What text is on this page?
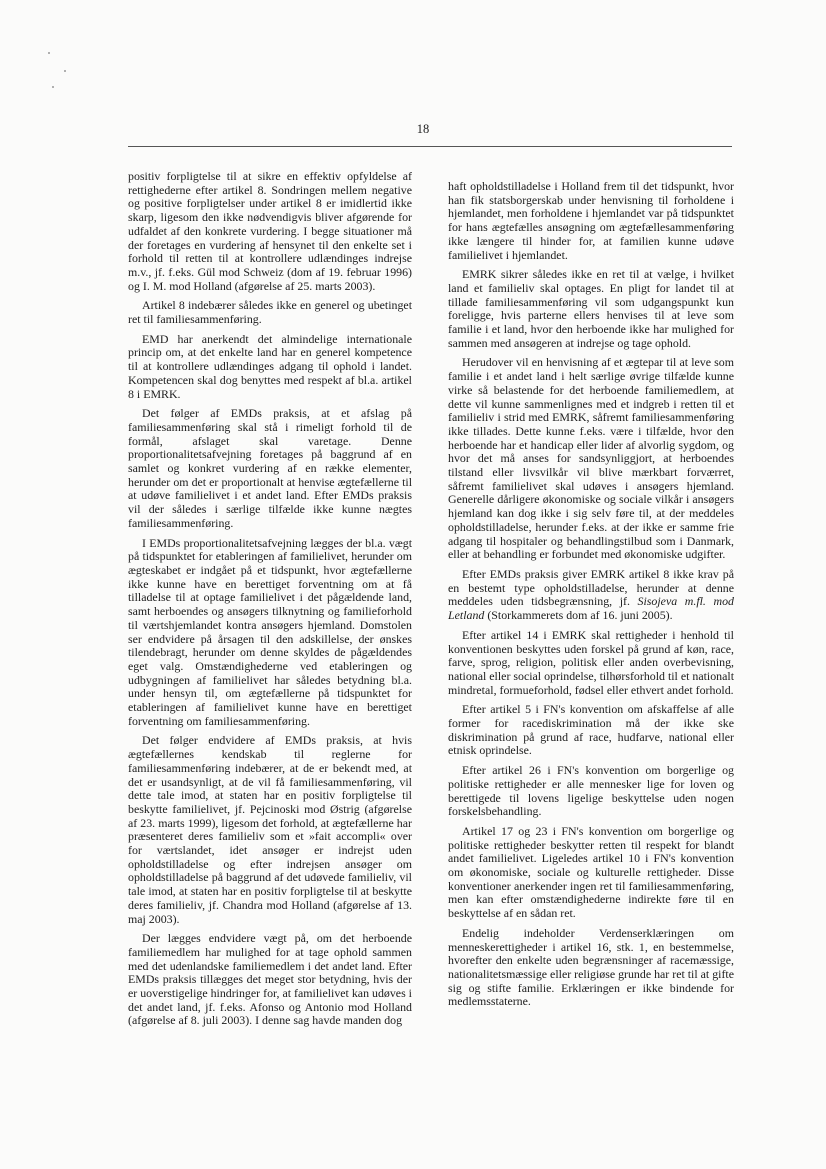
18

positiv forpligtelse til at sikre en effektiv opfyldelse af rettighederne efter artikel 8. Sondringen mellem negative og positive forpligtelser under artikel 8 er imidlertid ikke skarp, ligesom den ikke nødvendigvis bliver afgørende for udfaldet af den konkrete vurdering. I begge situationer må der foretages en vurdering af hensynet til den enkelte set i forhold til retten til at kontrollere udlændinges indrejse m.v., jf. f.eks. Gül mod Schweiz (dom af 19. februar 1996) og I. M. mod Holland (afgørelse af 25. marts 2003).

Artikel 8 indebærer således ikke en generel og ubetinget ret til familiesammenføring.

EMD har anerkendt det almindelige internationale princip om, at det enkelte land har en generel kompetence til at kontrollere udlændinges adgang til ophold i landet. Kompetencen skal dog benyttes med respekt af bl.a. artikel 8 i EMRK.

Det følger af EMDs praksis, at et afslag på familiesammenføring skal stå i rimeligt forhold til de formål, afslaget skal varetage. Denne proportionalitetsafvejning foretages på baggrund af en samlet og konkret vurdering af en række elementer, herunder om det er proportionalt at henvise ægtefællerne til at udøve familielivet i et andet land. Efter EMDs praksis vil der således i særlige tilfælde ikke kunne nægtes familiesammenføring.

I EMDs proportionalitetsafvejning lægges der bl.a. vægt på tidspunktet for etableringen af familielivet, herunder om ægteskabet er indgået på et tidspunkt, hvor ægtefællerne ikke kunne have en berettiget forventning om at få tilladelse til at optage familielivet i det pågældende land, samt herboendes og ansøgers tilknytning og familieforhold til værtshjemlandet kontra ansøgers hjemland. Domstolen ser endvidere på årsagen til den adskillelse, der ønskes tilendebragt, herunder om denne skyldes de pågældendes eget valg. Omstændighederne ved etableringen og udbygningen af familielivet har således betydning bl.a. under hensyn til, om ægtefællerne på tidspunktet for etableringen af familielivet kunne have en berettiget forventning om familiesammenføring.

Det følger endvidere af EMDs praksis, at hvis ægtefællernes kendskab til reglerne for familiesammenføring indebærer, at de er bekendt med, at det er usandsynligt, at de vil få familiesammenføring, vil dette tale imod, at staten har en positiv forpligtelse til beskytte familielivet, jf. Pejcinoski mod Østrig (afgørelse af 23. marts 1999), ligesom det forhold, at ægtefællerne har præsenteret deres familieliv som et »fait accompli« over for værtslandet, idet ansøger er indrejst uden opholdstilladelse og efter indrejsen ansøger om opholdstilladelse på baggrund af det udøvede familieliv, vil tale imod, at staten har en positiv forpligtelse til at beskytte deres familieliv, jf. Chandra mod Holland (afgørelse af 13. maj 2003).

Der lægges endvidere vægt på, om det herboende familiemedlem har mulighed for at tage ophold sammen med det udenlandske familiemedlem i det andet land. Efter EMDs praksis tillægges det meget stor betydning, hvis der er uoverstigelige hindringer for, at familielivet kan udøves i det andet land, jf. f.eks. Afonso og Antonio mod Holland (afgørelse af 8. juli 2003). I denne sag havde manden dog

haft opholdstilladelse i Holland frem til det tidspunkt, hvor han fik statsborgerskab under henvisning til forholdene i hjemlandet, men forholdene i hjemlandet var på tidspunktet for hans ægtefælles ansøgning om ægtefællesammenføring ikke længere til hinder for, at familien kunne udøve familielivet i hjemlandet.

EMRK sikrer således ikke en ret til at vælge, i hvilket land et familieliv skal optages. En pligt for landet til at tillade familiesammenføring vil som udgangspunkt kun foreligge, hvis parterne ellers henvises til at leve som familie i et land, hvor den herboende ikke har mulighed for sammen med ansøgeren at indrejse og tage ophold.

Herudover vil en henvisning af et ægtepar til at leve som familie i et andet land i helt særlige øvrige tilfælde kunne virke så belastende for det herboende familiemedlem, at dette vil kunne sammenlignes med et indgreb i retten til et familieliv i strid med EMRK, såfremt familiesammenføring ikke tillades. Dette kunne f.eks. være i tilfælde, hvor den herboende har et handicap eller lider af alvorlig sygdom, og hvor det må anses for sandsynliggjort, at herboendes tilstand eller livsvilkår vil blive mærkbart forværret, såfremt familielivet skal udøves i ansøgers hjemland. Generelle dårligere økonomiske og sociale vilkår i ansøgers hjemland kan dog ikke i sig selv føre til, at der meddeles opholdstilladelse, herunder f.eks. at der ikke er samme frie adgang til hospitaler og behandlingstilbud som i Danmark, eller at behandling er forbundet med økonomiske udgifter.

Efter EMDs praksis giver EMRK artikel 8 ikke krav på en bestemt type opholdstilladelse, herunder at denne meddeles uden tidsbegrænsning, jf. Sisojeva m.fl. mod Letland (Storkammerets dom af 16. juni 2005).

Efter artikel 14 i EMRK skal rettigheder i henhold til konventionen beskyttes uden forskel på grund af køn, race, farve, sprog, religion, politisk eller anden overbevisning, national eller social oprindelse, tilhørsforhold til et nationalt mindretal, formueforhold, fødsel eller ethvert andet forhold.

Efter artikel 5 i FN's konvention om afskaffelse af alle former for racediskrimination må der ikke ske diskrimination på grund af race, hudfarve, national eller etnisk oprindelse.

Efter artikel 26 i FN's konvention om borgerlige og politiske rettigheder er alle mennesker lige for loven og berettigede til lovens ligelige beskyttelse uden nogen forskelsbehandling.

Artikel 17 og 23 i FN's konvention om borgerlige og politiske rettigheder beskytter retten til respekt for blandt andet familielivet. Ligeledes artikel 10 i FN's konvention om økonomiske, sociale og kulturelle rettigheder. Disse konventioner anerkender ingen ret til familiesammenføring, men kan efter omstændighederne indirekte føre til en beskyttelse af en sådan ret.

Endelig indeholder Verdenserklæringen om menneskerettigheder i artikel 16, stk. 1, en bestemmelse, hvorefter den enkelte uden begrænsninger af racemæssige, nationalitetsmæssige eller religiøse grunde har ret til at gifte sig og stifte familie. Erklæringen er ikke bindende for medlemsstaterne.
